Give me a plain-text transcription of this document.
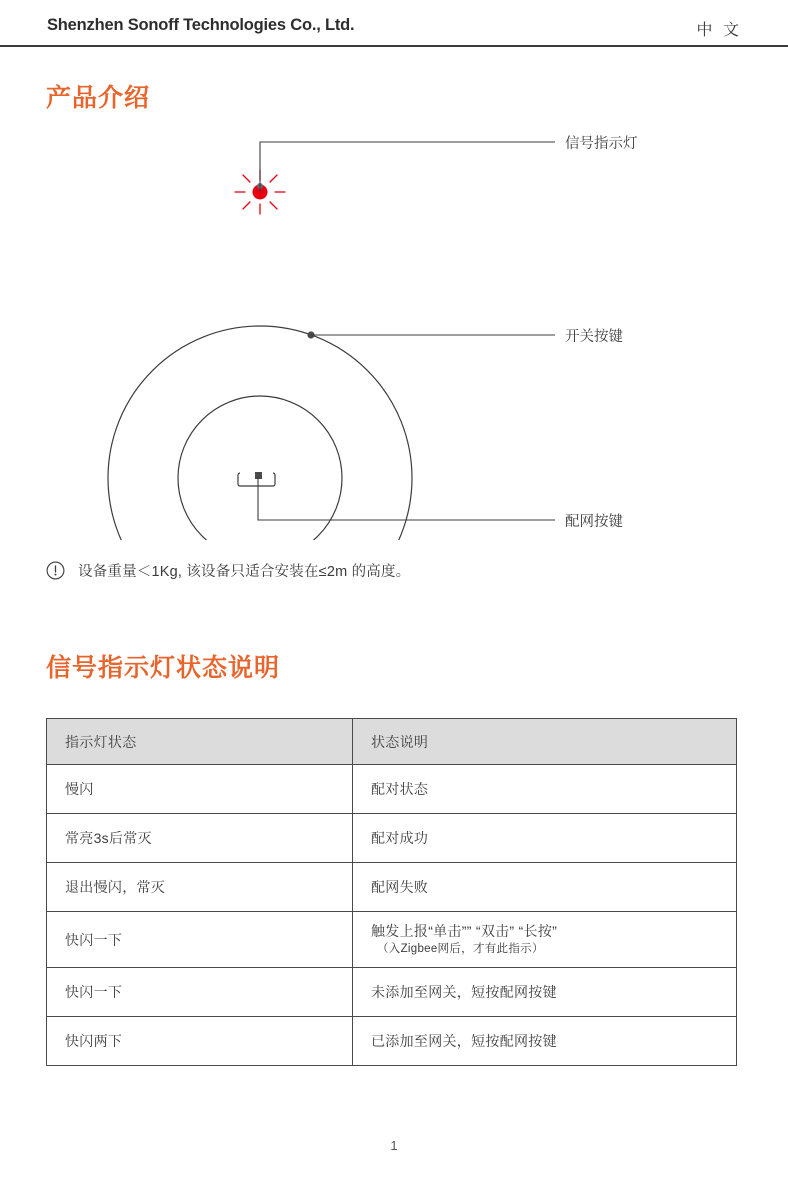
Shenzhen Sonoff Technologies Co., Ltd.	中 文
产品介绍
信号指示灯
开关按键
配网按键
设备重量＜1Kg, 该设备只适合安装在≤2m 的高度。
信号指示灯状态说明
指示灯状态	状态说明
慢闪	配对状态
常亮3s后常灭	配对成功
退出慢闪，常灭	配网失败
快闪一下	触发上报“单击”” “双击” “长按”
（入Zigbee网后，才有此指示）

快闪一下	未添加至网关，短按配网按键
快闪两下	已添加至网关，短按配网按键
1
